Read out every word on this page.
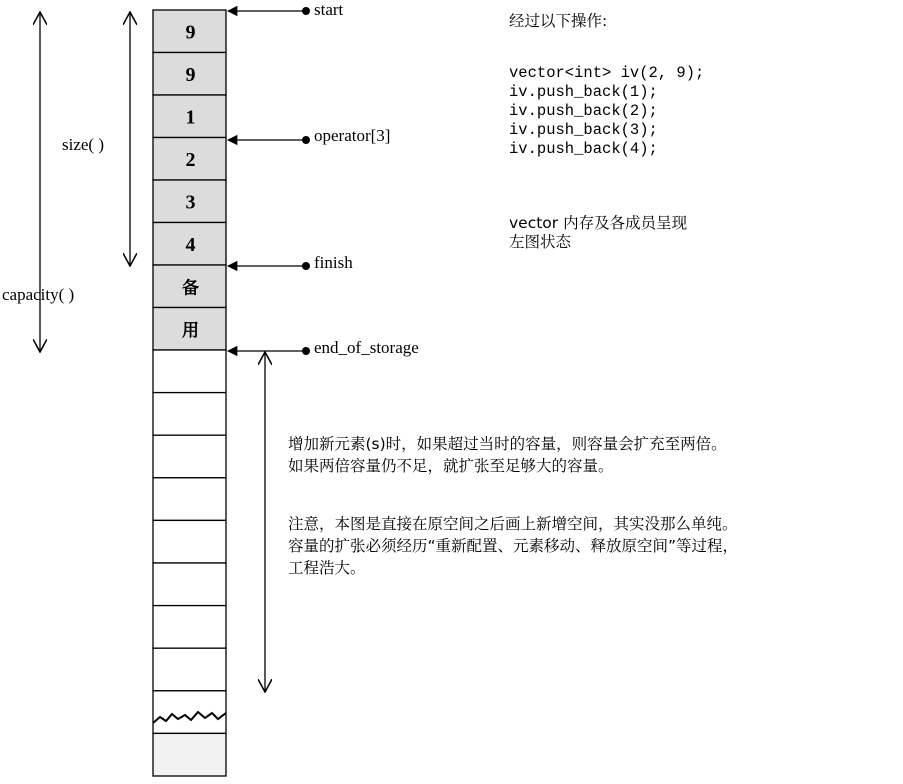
9
9
1
2
3
4
备
用
size( )
capacity( )
start
operator[3]
finish
end_of_storage
经过以下操作:
vector<int> iv(2, 9);
iv.push_back(1);
iv.push_back(2);
iv.push_back(3);
iv.push_back(4);
vector 内存及各成员呈现
左图状态
增加新元素(s)时，如果超过当时的容量，则容量会扩充至两倍。
如果两倍容量仍不足，就扩张至足够大的容量。
注意，本图是直接在原空间之后画上新增空间，其实没那么单纯。
容量的扩张必须经历“重新配置、元素移动、释放原空间”等过程，
工程浩大。
